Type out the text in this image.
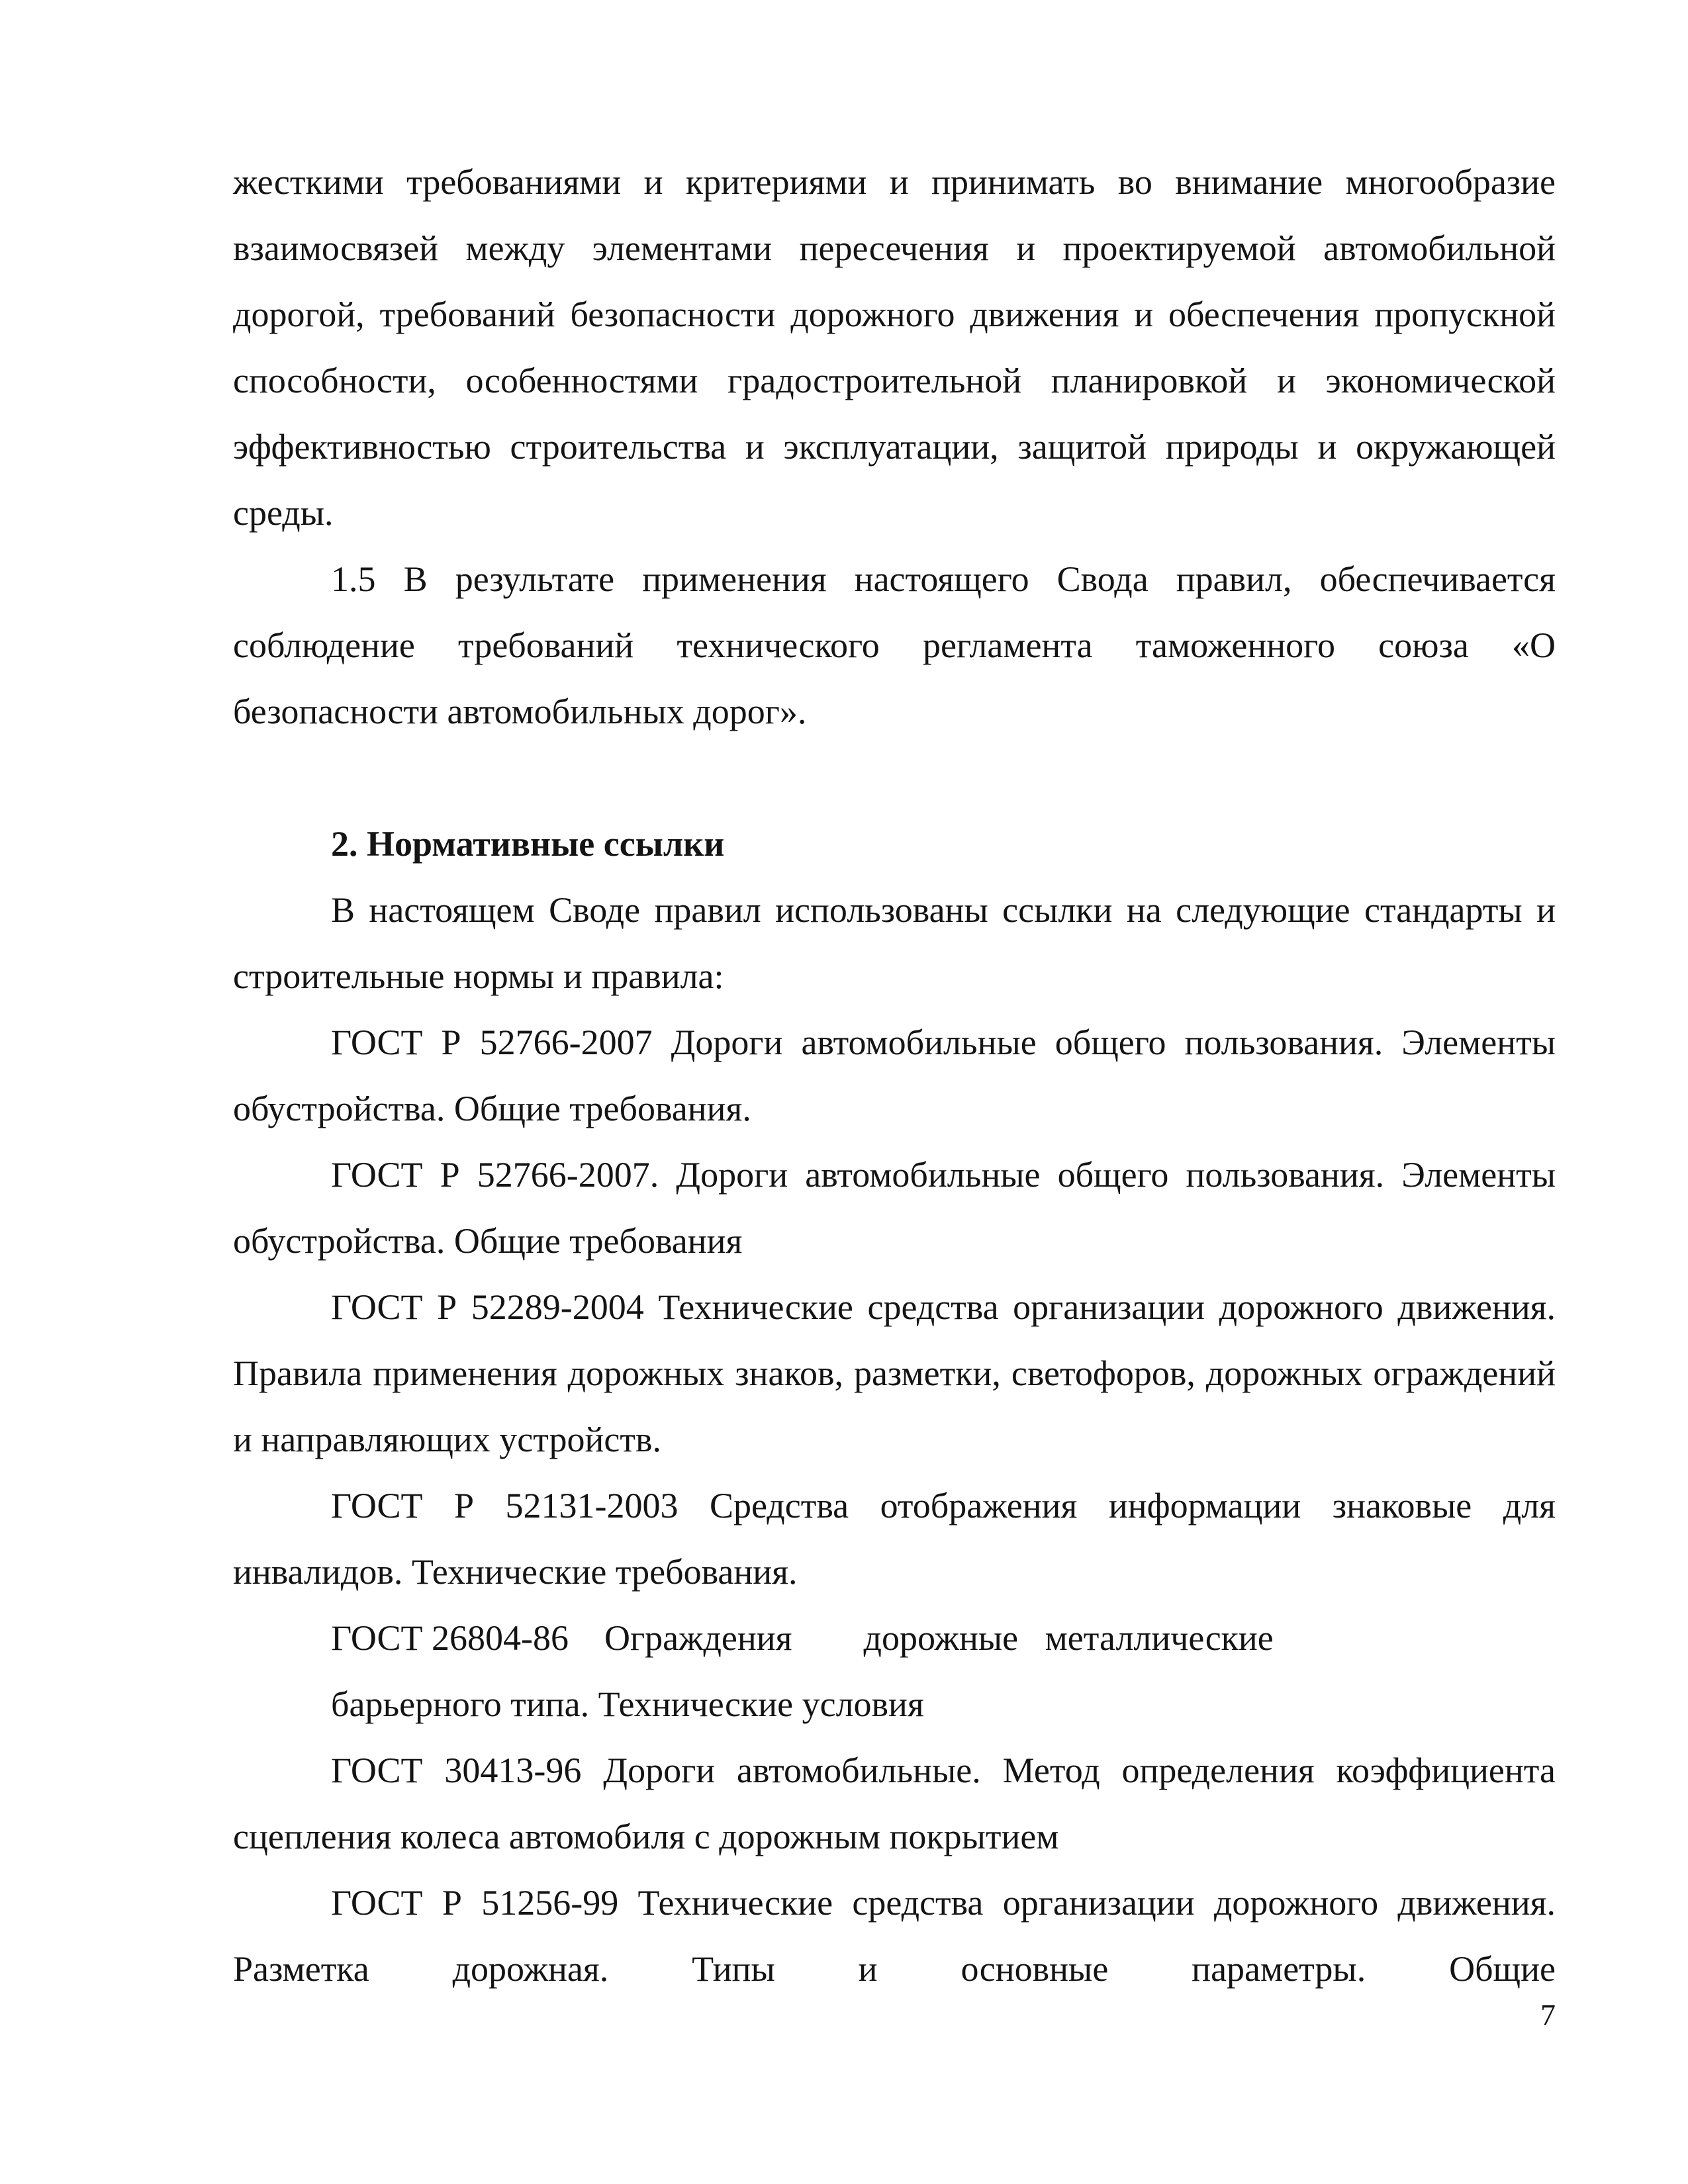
жесткими требованиями и критериями и принимать во внимание многообразие взаимосвязей между элементами пересечения и проектируемой автомобильной дорогой, требований безопасности дорожного движения и обеспечения пропускной способности, особенностями градостроительной планировкой и экономической эффективностью строительства и эксплуатации, защитой природы и окружающей среды.

1.5 В результате применения настоящего Свода правил, обеспечивается соблюдение требований технического регламента таможенного союза «О безопасности автомобильных дорог».

2. Нормативные ссылки

В настоящем Своде правил использованы ссылки на следующие стандарты и строительные нормы и правила:

ГОСТ Р 52766-2007 Дороги автомобильные общего пользования. Элементы обустройства. Общие требования.

ГОСТ Р 52766-2007. Дороги автомобильные общего пользования. Элементы обустройства. Общие требования

ГОСТ Р 52289-2004 Технические средства организации дорожного движения. Правила применения дорожных знаков, разметки, светофоров, дорожных ограждений и направляющих устройств.

ГОСТ Р 52131-2003 Средства отображения информации знаковые для инвалидов. Технические требования.

ГОСТ 26804-86    Ограждения        дорожные   металлические

барьерного типа. Технические условия

ГОСТ 30413-96 Дороги автомобильные. Метод определения коэффициента сцепления колеса автомобиля с дорожным покрытием

ГОСТ Р 51256-99 Технические средства организации дорожного движения. Разметка дорожная. Типы и основные параметры. Общие

7
